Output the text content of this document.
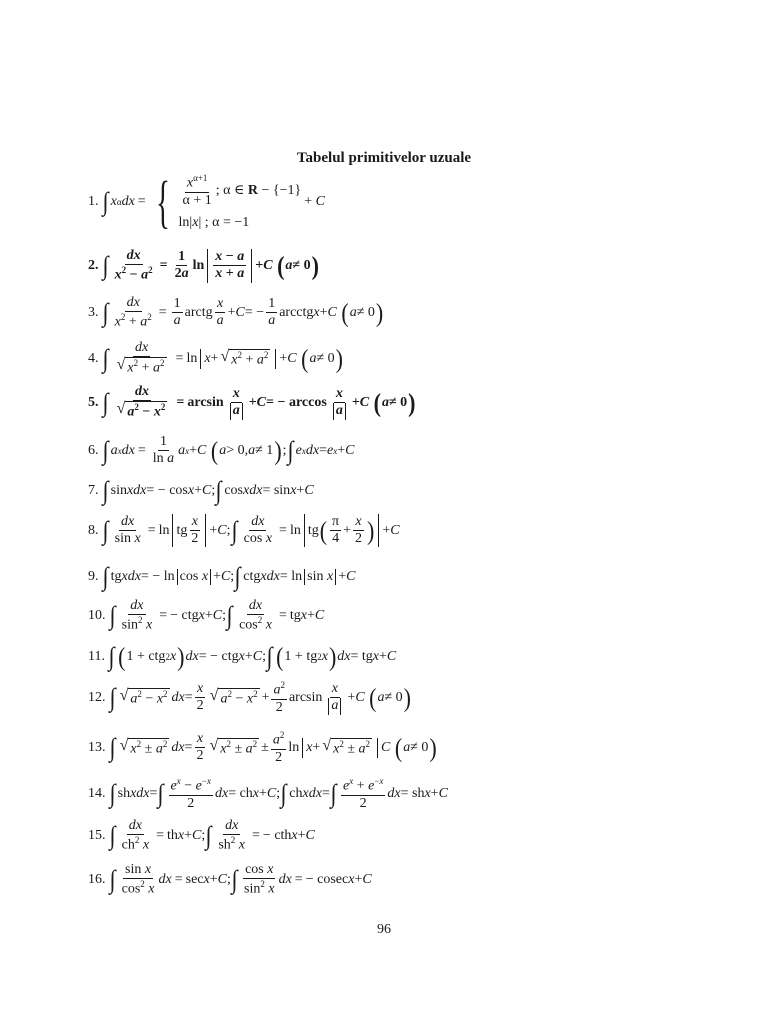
Tabelul primitivelor uzuale
1. ∫ x α dx = { $\frac{x^{\alpha+1}}{\alpha + 1}$ ; α ∈ R − {−1}
ln|x| ; α = −1
+ C
2. ∫ $\frac{dx}{x^2 - a^2} = \frac{1}{2a}$ $\ln \frac{x - a}{x + a} + C$
( a ≠ 0 )
3. ∫ $\frac{dx}{x^2 + a^2} = \frac{1}{a}$ arctg $\frac{x}{a} + C$ = − $\frac{1}{a}$ arcctg x + C
( a ≠ 0 )
4. ∫ $\frac{dx}{√ x^2 + a^2} = \ln x$ + √ $x^2 + a^2 + C$
( a ≠ 0 )
5. ∫ $\frac{dx}{√ a^2 - x^2} = \arcsin \frac{x}{a} + C$ = − $\arccos \frac{x}{a} + C$
( a ≠ 0 )
6. ∫ a x dx = $\frac{1}{\text{ln a}}$ a x + C
( a > 0, a ≠ 1 ) ; ∫ e x dx = e x + C
7. ∫ sin xdx = − cos x + C ; ∫ cos xdx = sin x + C
8. ∫ $\frac{dx}{\text{sin x}} = \ln$ tg $\frac{x}{2} + C$ ; ∫ $\frac{dx}{\text{cos x}} = \ln$ tg ( $\frac{\pi}{4} + \frac{x}{2}$ ) + C
9. ∫ tg xdx = − ln cos x + C ; ∫ ctg xdx = ln sin x + C
10. ∫ $\frac{dx}{\sin^2 x}$ = − ctg x + C ; ∫ $\frac{dx}{\cos^2 x}$ = tg x + C
11. ∫ ( 1 + ctg 2 x ) dx = − ctg x + C ; ∫ ( 1 + tg 2 x ) dx = tg x + C
12. ∫ √ $a^2 - x^2$ dx = $\frac{x}{2}$ √ $a^2 - x^2 + \frac{a^2}{2}$ $\arcsin \frac{x}{a} + C$
( a ≠ 0 )
13. ∫ √ $x^2 \pm a^2$ dx = $\frac{x}{2}$ √ $x^2 \pm a^2 \pm \frac{a^2}{2}$ ln x + √ $x^2 \pm a^2$ C
( a ≠ 0 )
14. ∫ sh xdx = ∫ $\frac{e^x - e^{-x}}{2}$ dx = ch x + C ; ∫ ch xdx = ∫ $\frac{e^x + e^{-x}}{2}$ dx = sh x + C
15. ∫ $\frac{dx}{ch^2 x}$ = th x + C ; ∫ $\frac{dx}{sh^2 x}$ = − cth x + C
16. ∫ $\frac{\text{sin x}}{\cos^2 x}$ dx = sec x + C ; ∫ $\frac{\text{cos x}}{\sin^2 x}$ dx = − cosec x + C
96
